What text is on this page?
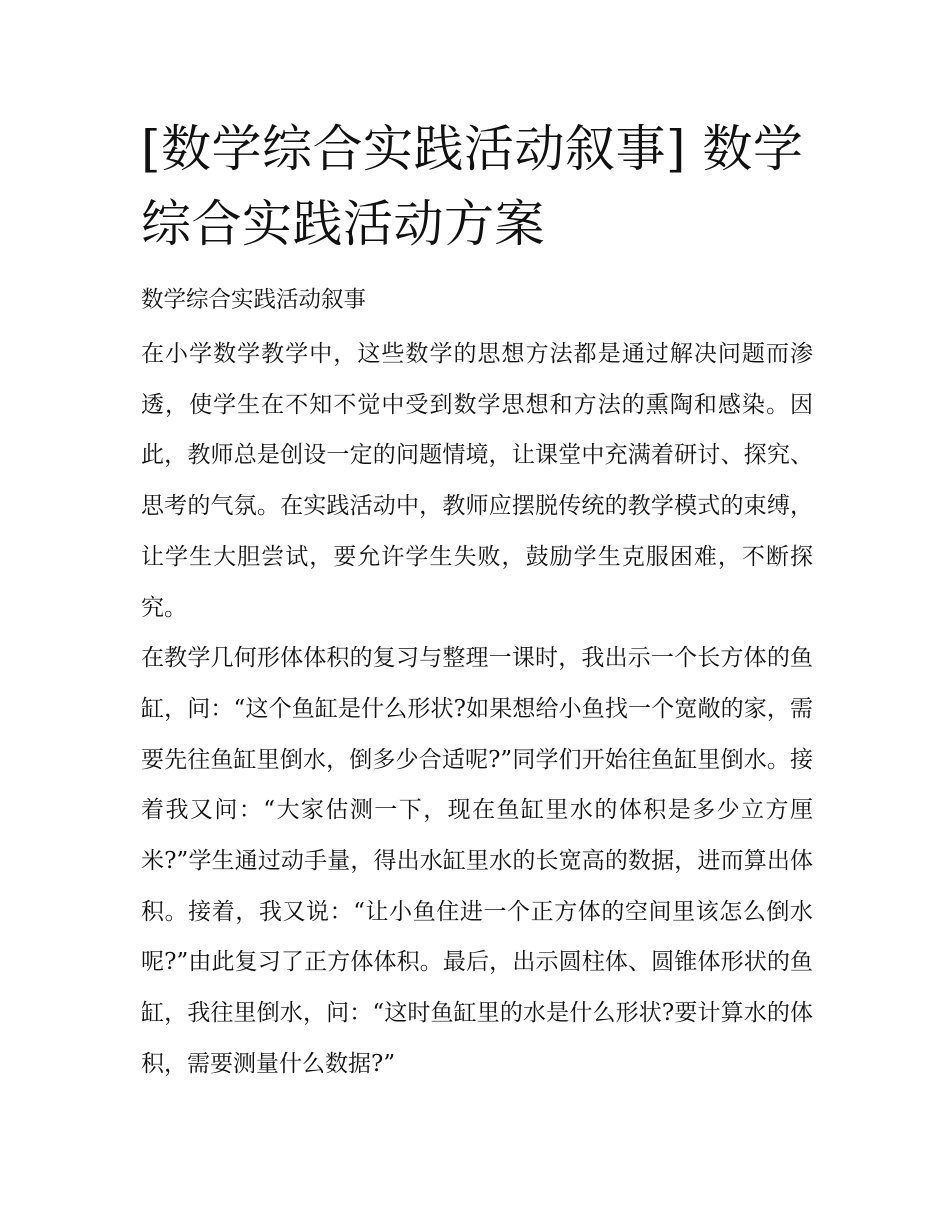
[数学综合实践活动叙事] 数学综合实践活动方案
数学综合实践活动叙事

在小学数学教学中，这些数学的思想方法都是通过解决问题而渗透，使学生在不知不觉中受到数学思想和方法的熏陶和感染。因此，教师总是创设一定的问题情境，让课堂中充满着研讨、探究、思考的气氛。在实践活动中，教师应摆脱传统的教学模式的束缚，让学生大胆尝试，要允许学生失败，鼓励学生克服困难，不断探究。

在教学几何形体体积的复习与整理一课时，我出示一个长方体的鱼缸，问：“这个鱼缸是什么形状?如果想给小鱼找一个宽敞的家，需要先往鱼缸里倒水，倒多少合适呢?”同学们开始往鱼缸里倒水。接着我又问：“大家估测一下，现在鱼缸里水的体积是多少立方厘米?”学生通过动手量，得出水缸里水的长宽高的数据，进而算出体积。接着，我又说：“让小鱼住进一个正方体的空间里该怎么倒水呢?”由此复习了正方体体积。最后，出示圆柱体、圆锥体形状的鱼缸，我往里倒水，问：“这时鱼缸里的水是什么形状?要计算水的体积，需要测量什么数据?”
